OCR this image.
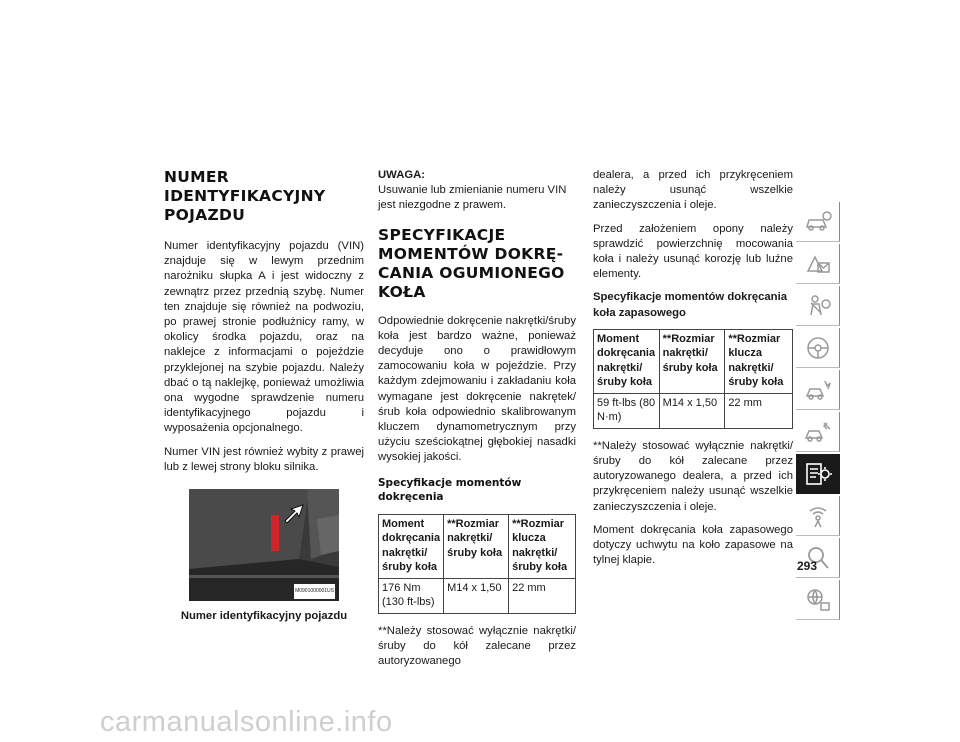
NUMER IDENTYFIKACYJNY POJAZDU

Numer identyfikacyjny pojazdu (VIN) znajduje się w lewym przednim narożniku słupka A i jest widoczny z zewnątrz przez przednią szybę. Numer ten znajduje się również na podwoziu, po prawej stronie podłużnicy ramy, w okolicy środka pojazdu, oraz na naklejce z informacjami o pojeździe przyklejonej na szybie pojazdu. Należy dbać o tą naklejkę, ponieważ umożliwia ona wygodne sprawdzenie numeru identyfikacyjnego pojazdu i wyposażenia opcjonalnego.

Numer VIN jest również wybity z prawej lub z lewej strony bloku silnika.

M0901000001US

Numer identyfikacyjny pojazdu

UWAGA:

Usuwanie lub zmienianie numeru VIN jest niezgodne z prawem.

SPECYFIKACJE MOMENTÓW DOKRĘCANIA OGUMIONEGO KOŁA

Odpowiednie dokręcenie nakrętki/śruby koła jest bardzo ważne, ponieważ decyduje ono o prawidłowym zamocowaniu koła w pojeździe. Przy każdym zdejmowaniu i zakładaniu koła wymagane jest dokręcenie nakrętek/śrub koła odpowiednio skalibrowanym kluczem dynamometrycznym przy użyciu sześciokątnej głębokiej nasadki wysokiej jakości.

Specyfikacje momentów dokręcenia
Moment dokręcania nakrętki/ śruby koła	**Rozmiar nakrętki/ śruby koła	**Rozmiar klucza nakrętki/ śruby koła
176 Nm (130 ft-lbs)	M14 x 1,50	22 mm

**Należy stosować wyłącznie nakrętki/śruby do kół zalecane przez autoryzowanego

dealera, a przed ich przykręceniem należy usunąć wszelkie zanieczyszczenia i oleje.

Przed założeniem opony należy sprawdzić powierzchnię mocowania koła i należy usunąć korozję lub luźne elementy.

Specyfikacje momentów dokręcania koła zapasowego

Moment dokręcania nakrętki/ śruby koła	**Rozmiar nakrętki/ śruby koła	**Rozmiar klucza nakrętki/ śruby koła
59 ft-lbs (80 N·m)	M14 x 1,50	22 mm

**Należy stosować wyłącznie nakrętki/śruby do kół zalecane przez autoryzowanego dealera, a przed ich przykręceniem należy usunąć wszelkie zanieczyszczenia i oleje.

Moment dokręcania koła zapasowego dotyczy uchwytu na koło zapasowe na tylnej klapie.	293
carmanualsonline.info
